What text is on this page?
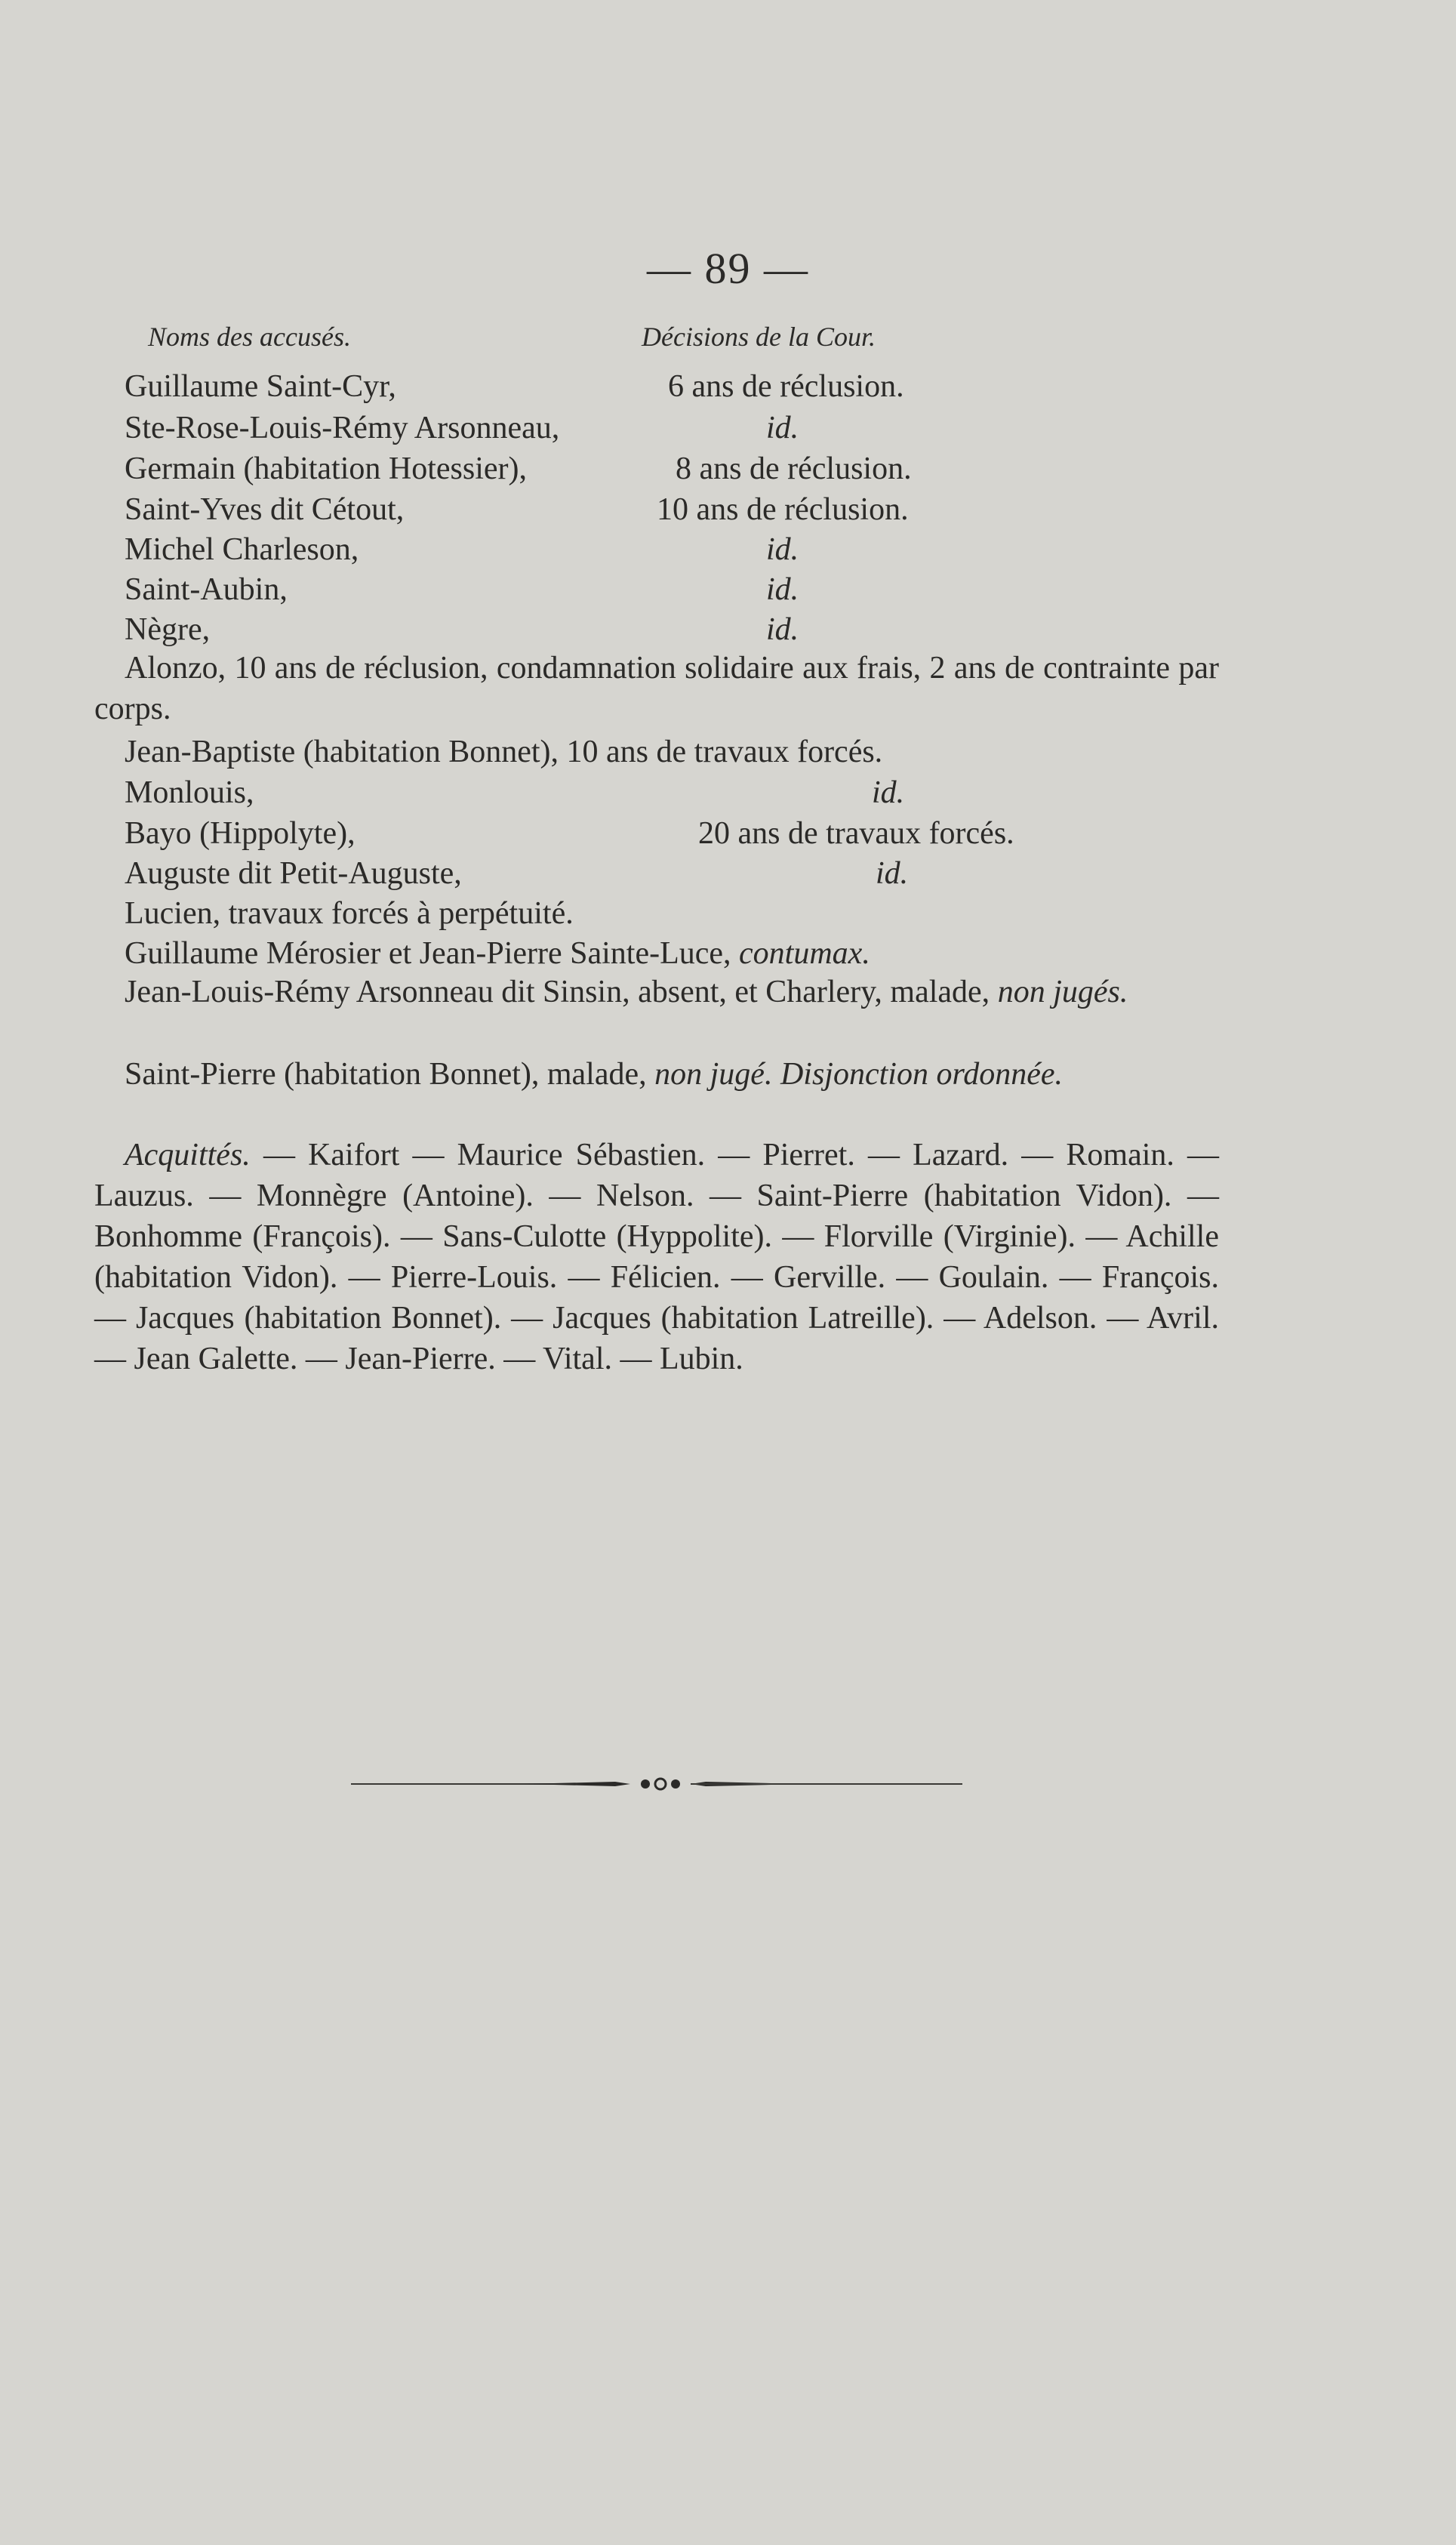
— 89 —
Noms des accusés.	Décisions de la Cour.
Guillaume Saint-Cyr,	6 ans de réclusion.
Ste-Rose-Louis-Rémy Arsonneau,	id.
Germain (habitation Hotessier),	8 ans de réclusion.
Saint-Yves dit Cétout,	10 ans de réclusion.
Michel Charleson,	id.
Saint-Aubin,	id.
Nègre,	id.
Alonzo, 10 ans de réclusion, condamnation solidaire aux frais, 2 ans de contrainte par corps.
Jean-Baptiste (habitation Bonnet), 10 ans de travaux forcés.
Monlouis,	id.
Bayo (Hippolyte),	20 ans de travaux forcés.
Auguste dit Petit-Auguste,	id.
Lucien, travaux forcés à perpétuité.
Guillaume Mérosier et Jean-Pierre Sainte-Luce, contumax.
Jean-Louis-Rémy Arsonneau dit Sinsin, absent, et Charlery, malade, non jugés.
Saint-Pierre (habitation Bonnet), malade, non jugé. Disjonction ordonnée.
Acquittés. — Kaifort — Maurice Sébastien. — Pierret. — Lazard. — Romain. — Lauzus. — Monnègre (Antoine). — Nelson. — Saint-Pierre (habitation Vidon). — Bonhomme (François). — Sans-Culotte (Hyppolite). — Florville (Virginie). — Achille (habitation Vidon). — Pierre-Louis. — Félicien. — Gerville. — Goulain. — François. — Jacques (habitation Bonnet). — Jacques (habitation Latreille). — Adelson. — Avril. — Jean Galette. — Jean-Pierre. — Vital. — Lubin.
